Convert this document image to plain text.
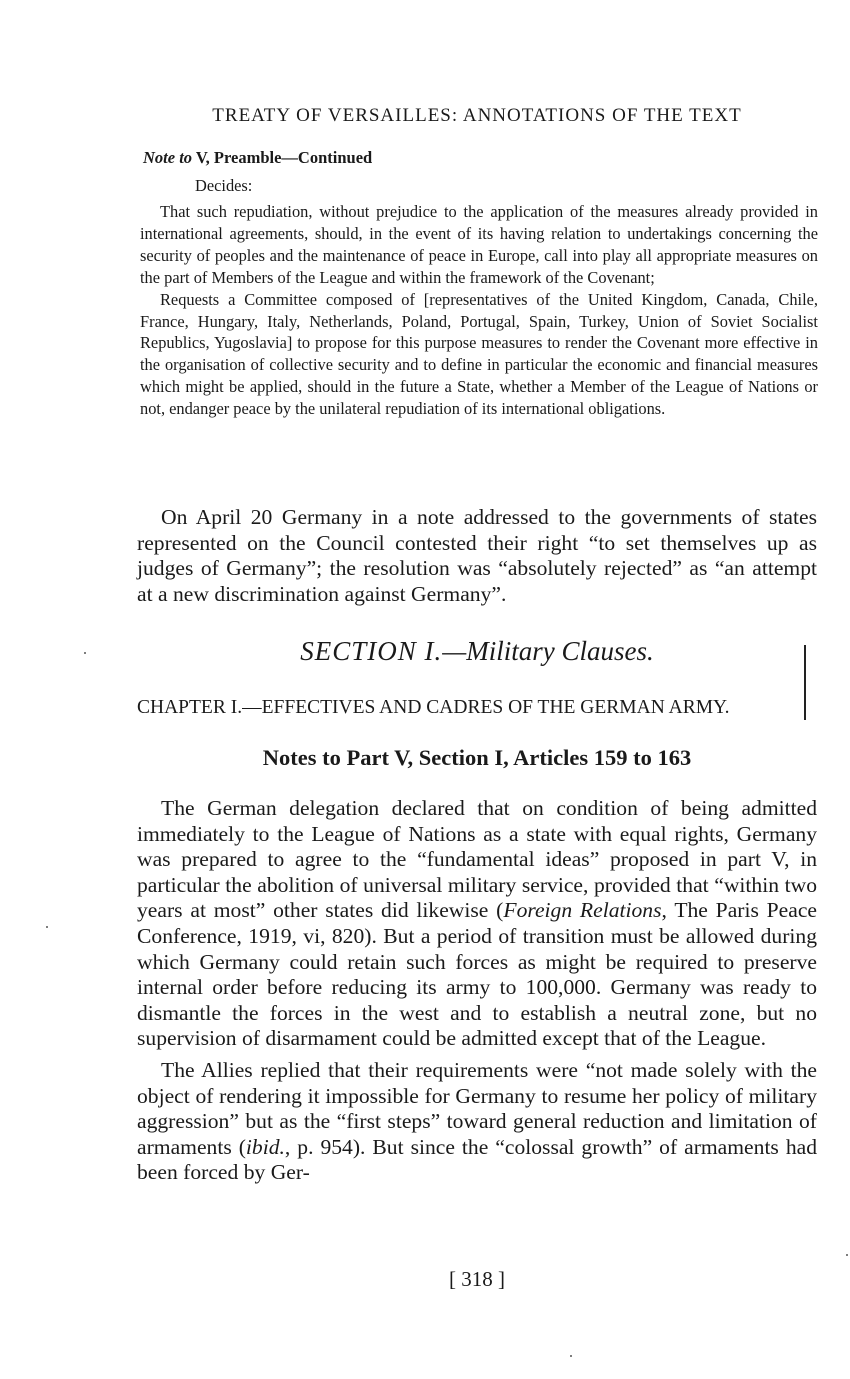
TREATY OF VERSAILLES: ANNOTATIONS OF THE TEXT
Note to V, Preamble—Continued
Decides:

That such repudiation, without prejudice to the application of the measures already provided in international agreements, should, in the event of its having relation to undertakings concerning the security of peoples and the maintenance of peace in Europe, call into play all appropriate measures on the part of Members of the League and within the framework of the Covenant;

Requests a Committee composed of [representatives of the United Kingdom, Canada, Chile, France, Hungary, Italy, Netherlands, Poland, Portugal, Spain, Turkey, Union of Soviet Socialist Republics, Yugoslavia] to propose for this purpose measures to render the Covenant more effective in the organisation of collective security and to define in particular the economic and financial measures which might be applied, should in the future a State, whether a Member of the League of Nations or not, endanger peace by the unilateral repudiation of its international obligations.

On April 20 Germany in a note addressed to the governments of states represented on the Council contested their right “to set themselves up as judges of Germany”; the resolution was “absolutely rejected” as “an attempt at a new discrimination against Germany”.

SECTION I.—Military Clauses.
CHAPTER I.—EFFECTIVES AND CADRES OF THE GERMAN ARMY.
Notes to Part V, Section I, Articles 159 to 163

The German delegation declared that on condition of being admitted immediately to the League of Nations as a state with equal rights, Germany was prepared to agree to the “fundamental ideas” proposed in part V, in particular the abolition of universal military service, provided that “within two years at most” other states did likewise (Foreign Relations, The Paris Peace Conference, 1919, vi, 820). But a period of transition must be allowed during which Germany could retain such forces as might be required to preserve internal order before reducing its army to 100,000. Germany was ready to dismantle the forces in the west and to establish a neutral zone, but no supervision of disarmament could be admitted except that of the League.

The Allies replied that their requirements were “not made solely with the object of rendering it impossible for Germany to resume her policy of military aggression” but as the “first steps” toward general reduction and limitation of armaments (ibid., p. 954). But since the “colossal growth” of armaments had been forced by Ger-

[ 318 ]
